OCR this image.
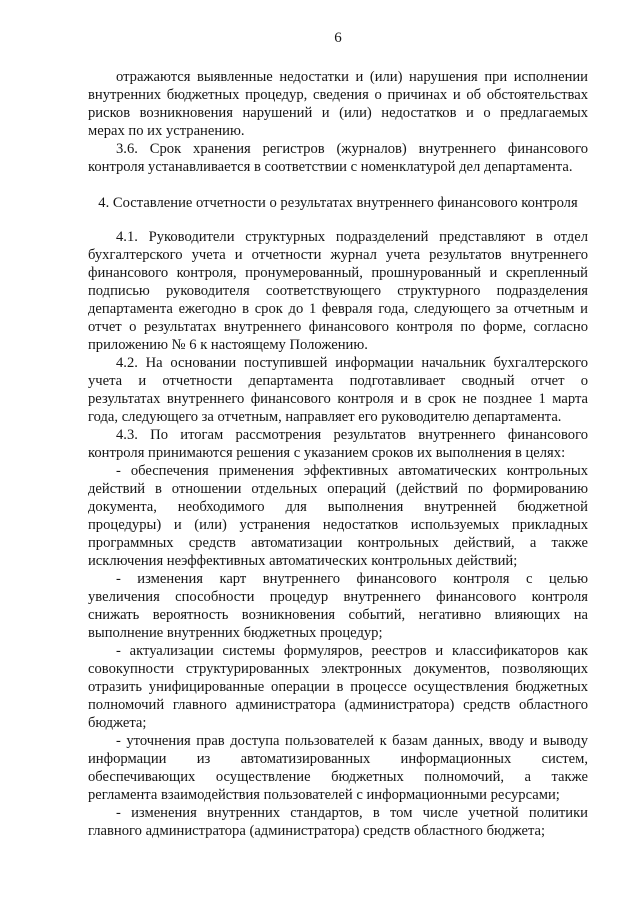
6
4. Составление отчетности о результатах внутреннего финансового контроля
отражаются выявленные недостатки и (или) нарушения при исполнении
внутренних бюджетных процедур, сведения о причинах и об обстоятельствах
рисков возникновения нарушений и (или) недостатков и о предлагаемых
мерах по их устранению.
3.6. Срок хранения регистров (журналов) внутреннего финансового
контроля устанавливается в соответствии с номенклатурой дел департамента.
4.1. Руководители структурных подразделений представляют в отдел
бухгалтерского учета и отчетности журнал учета результатов внутреннего
финансового контроля, пронумерованный, прошнурованный и скрепленный
подписью руководителя соответствующего структурного подразделения
департамента ежегодно в срок до 1 февраля года, следующего за отчетным и
отчет о результатах внутреннего финансового контроля по форме, согласно
приложению № 6 к настоящему Положению.
4.2. На основании поступившей информации начальник бухгалтерского
учета и отчетности департамента подготавливает сводный отчет о
результатах внутреннего финансового контроля и в срок не позднее 1 марта
года, следующего за отчетным, направляет его руководителю департамента.
4.3. По итогам рассмотрения результатов внутреннего финансового
контроля принимаются решения с указанием сроков их выполнения в целях:
- обеспечения применения эффективных автоматических контрольных
действий в отношении отдельных операций (действий по формированию
документа, необходимого для выполнения внутренней бюджетной
процедуры) и (или) устранения недостатков используемых прикладных
программных средств автоматизации контрольных действий, а также
исключения неэффективных автоматических контрольных действий;
- изменения карт внутреннего финансового контроля с целью
увеличения способности процедур внутреннего финансового контроля
снижать вероятность возникновения событий, негативно влияющих на
выполнение внутренних бюджетных процедур;
- актуализации системы формуляров, реестров и классификаторов как
совокупности структурированных электронных документов, позволяющих
отразить унифицированные операции в процессе осуществления бюджетных
полномочий главного администратора (администратора) средств областного
бюджета;
- уточнения прав доступа пользователей к базам данных, вводу и выводу
информации из автоматизированных информационных систем,
обеспечивающих осуществление бюджетных полномочий, а также
регламента взаимодействия пользователей с информационными ресурсами;
- изменения внутренних стандартов, в том числе учетной политики
главного администратора (администратора) средств областного бюджета;
